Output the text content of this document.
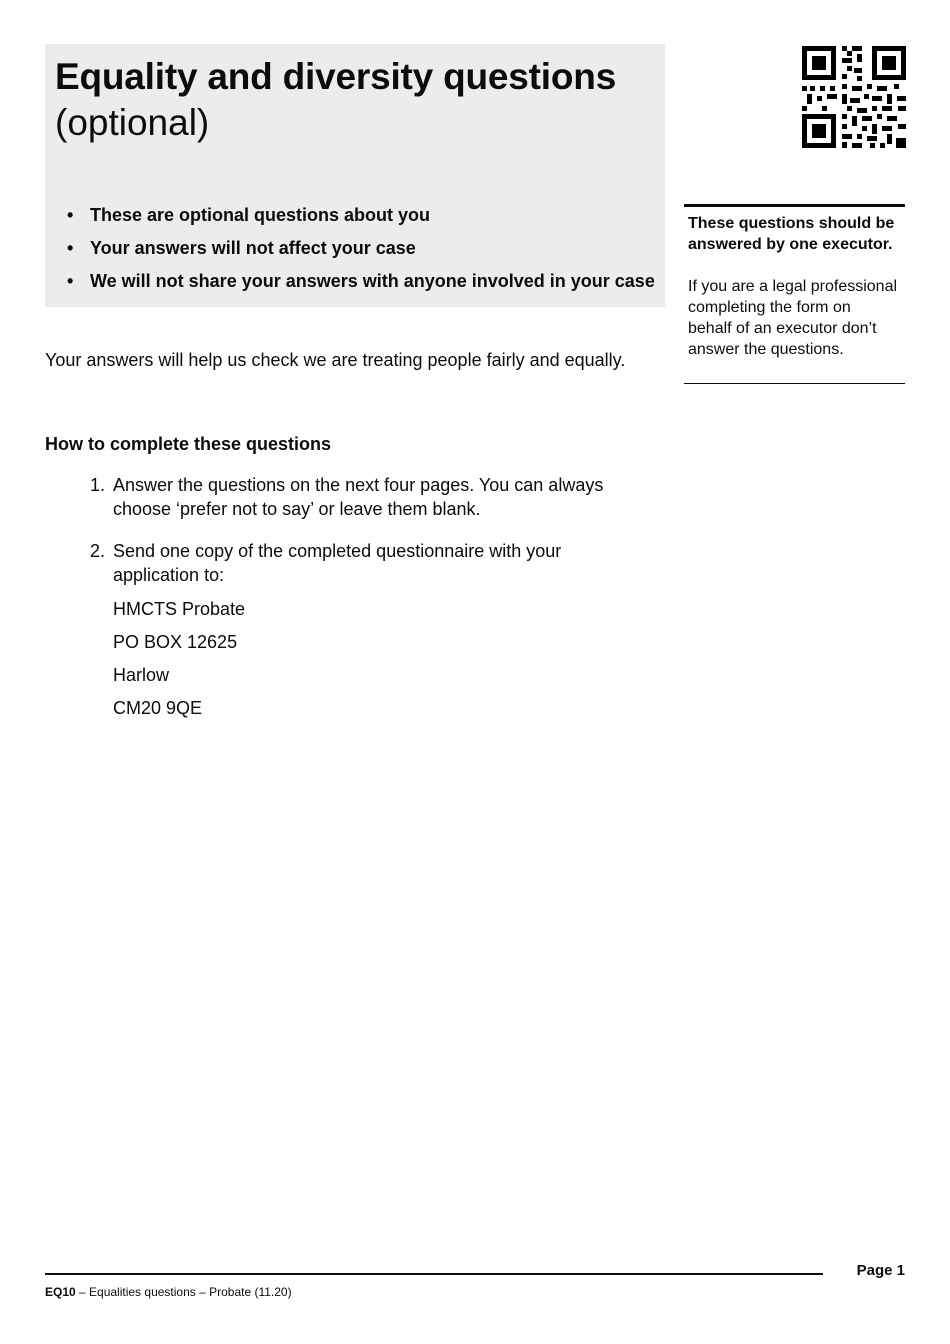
Equality and diversity questions
(optional)
• These are optional questions about you
• Your answers will not affect your case
• We will not share your answers with anyone involved in your case
These questions should be answered by one executor.
If you are a legal professional completing the form on behalf of an executor don’t answer the questions.

Your answers will help us check we are treating people fairly and equally.

How to complete these questions
1. Answer the questions on the next four pages. You can always choose ‘prefer not to say’ or leave them blank.
2. Send one copy of the completed questionnaire with your application to:
HMCTS Probate
PO BOX 12625
Harlow
CM20 9QE
Page 1
EQ10 – Equalities questions – Probate (11.20)
